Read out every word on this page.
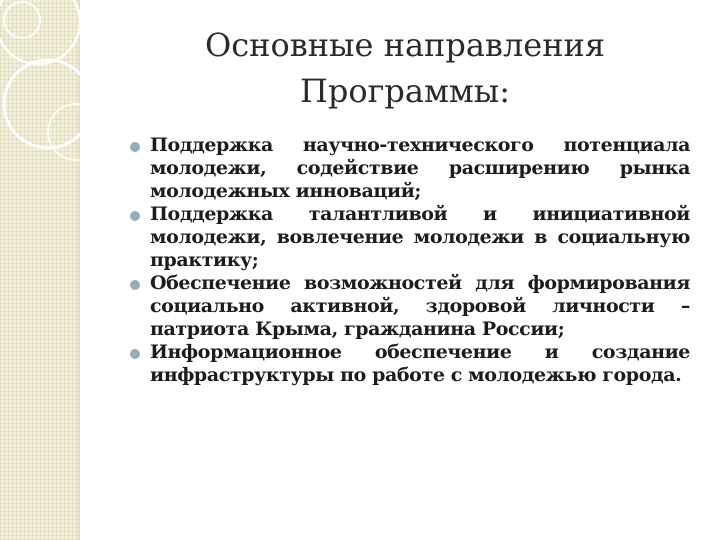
Основные направления
Программы:
Поддержка научно-технического потенциала молодежи, содействие расширению рынка молодежных инноваций;
Поддержка талантливой и инициативной молодежи, вовлечение молодежи в социальную практику;
Обеспечение возможностей для формирования социально активной, здоровой личности – патриота Крыма, гражданина России;
Информационное обеспечение и создание инфраструктуры по работе с молодежью города.
